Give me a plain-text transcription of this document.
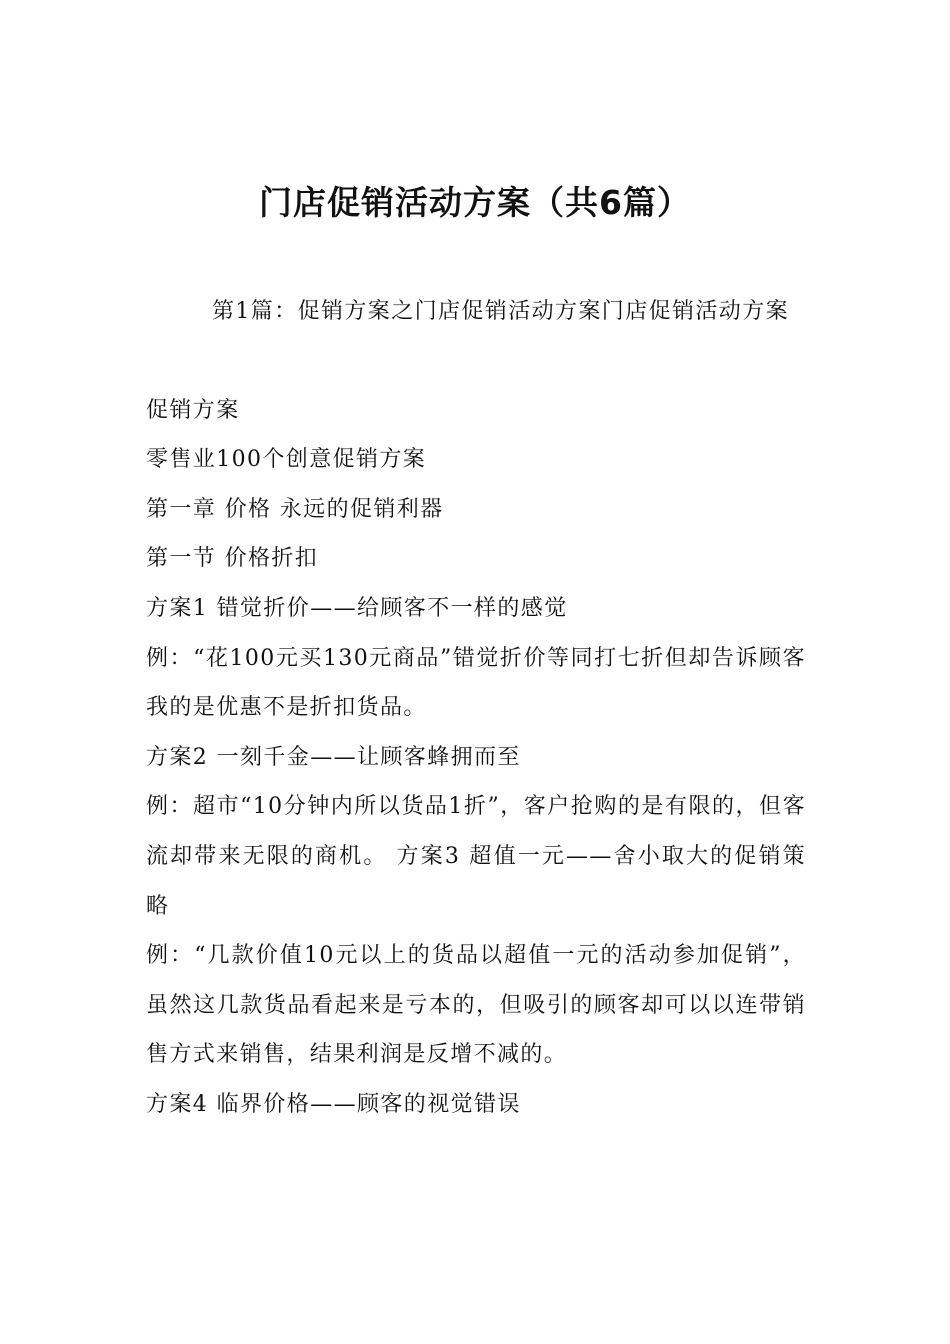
门店促销活动方案（共6篇）

第1篇：促销方案之门店促销活动方案门店促销活动方案

促销方案

零售业100个创意促销方案

第一章 价格 永远的促销利器

第一节 价格折扣

方案1 错觉折价——给顾客不一样的感觉

例：“花100元买130元商品”错觉折价等同打七折但却告诉顾客我的是优惠不是折扣货品。

方案2 一刻千金——让顾客蜂拥而至

例：超市“10分钟内所以货品1折”，客户抢购的是有限的，但客流却带来无限的商机。 方案3 超值一元——舍小取大的促销策略

例：“几款价值10元以上的货品以超值一元的活动参加促销”，虽然这几款货品看起来是亏本的，但吸引的顾客却可以以连带销售方式来销售，结果利润是反增不减的。

方案4 临界价格——顾客的视觉错误
